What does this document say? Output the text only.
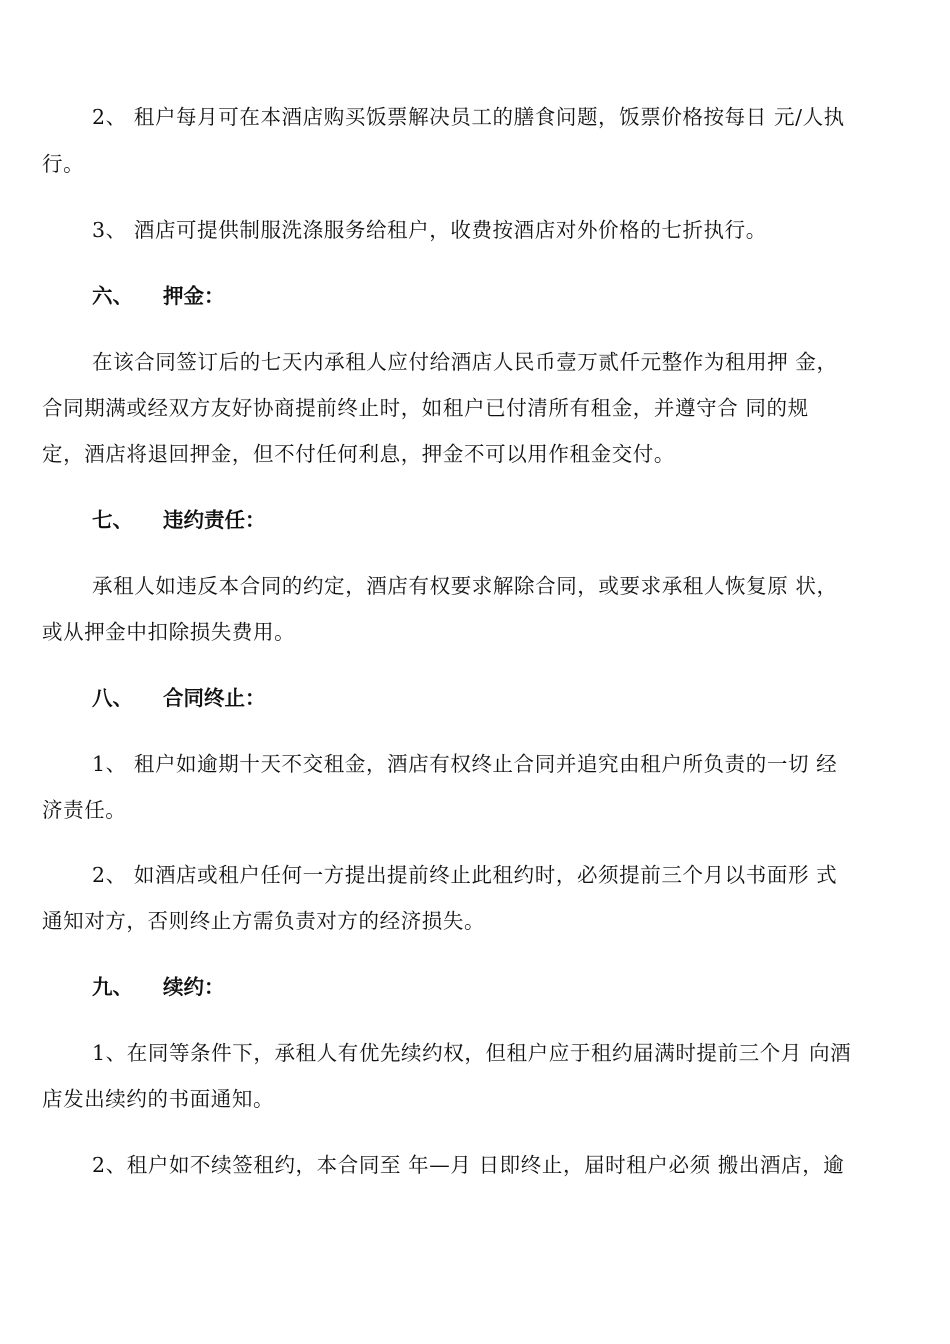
2、 租户每月可在本酒店购买饭票解决员工的膳食问题，饭票价格按每日 元/人执
行。
3、 酒店可提供制服洗涤服务给租户，收费按酒店对外价格的七折执行。
六、 押金：
在该合同签订后的七天内承租人应付给酒店人民币壹万贰仟元整作为租用押 金，
合同期满或经双方友好协商提前终止时，如租户已付清所有租金，并遵守合 同的规
定，酒店将退回押金，但不付任何利息，押金不可以用作租金交付。
七、 违约责任：
承租人如违反本合同的约定，酒店有权要求解除合同，或要求承租人恢复原 状，
或从押金中扣除损失费用。
八、 合同终止：
1、 租户如逾期十天不交租金，酒店有权终止合同并追究由租户所负责的一切 经
济责任。
2、 如酒店或租户任何一方提出提前终止此租约时，必须提前三个月以书面形 式
通知对方，否则终止方需负责对方的经济损失。
九、 续约：
1、在同等条件下，承租人有优先续约权，但租户应于租约届满时提前三个月 向酒
店发出续约的书面通知。
2、租户如不续签租约，本合同至 年—月 日即终止，届时租户必须 搬出酒店，逾
